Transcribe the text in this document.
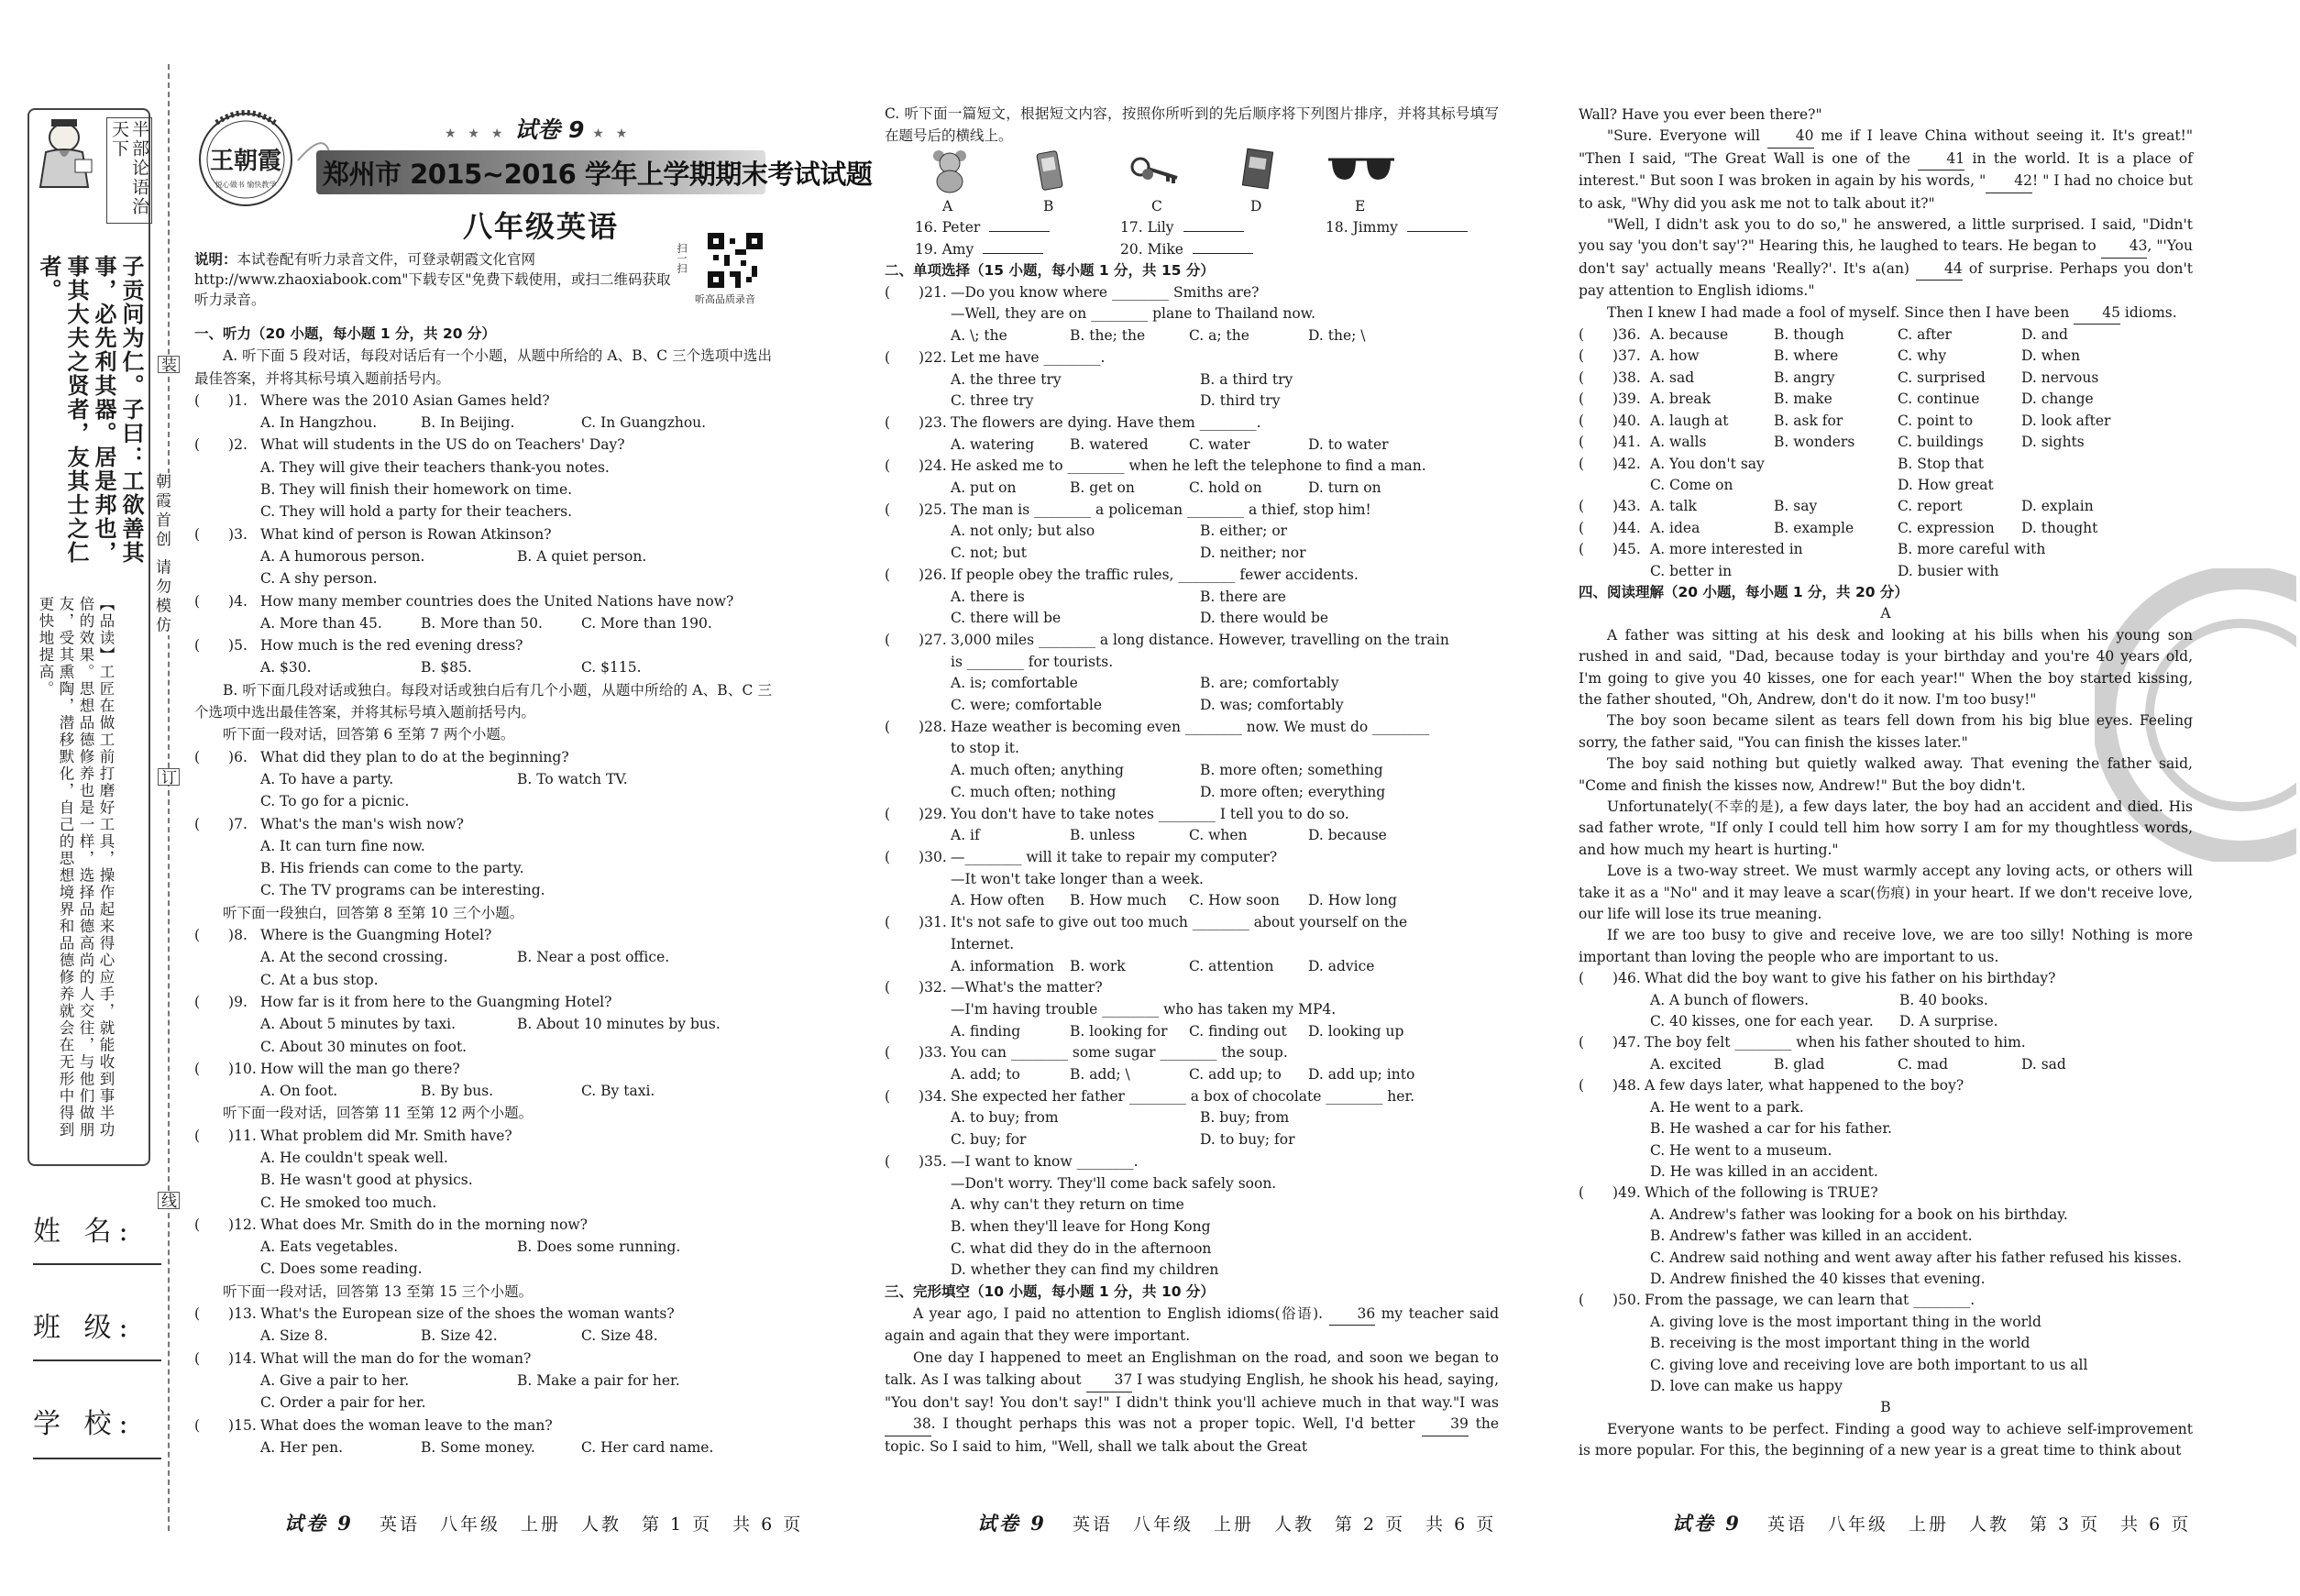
半部论语治天下
子贡问为仁。子曰：工欲善其事，必先利其器。居是邦也，事其大夫之贤者，友其士之仁者。
【品读】工匠在做工前打磨好工具，操作起来得心应手，就能收到事半功倍的效果。思想品德修养也是一样，选择品德高尚的人交往，与他们做朋友，受其熏陶，潜移默化，自己的思想境界和品德修养就会在无形中得到更快地提高。
姓 名:
班 级:
学 校:
装
订
线
朝霞首创 请勿模仿
王朝霞
悦心做书 愉快教学
★ ★ ★ 试卷 9 ★ ★
郑州市 2015~2016 学年上学期期末考试试题
八年级英语
说明：本试卷配有听力录音文件，可登录朝霞文化官网 http://www.zhaoxiabook.com"下载专区"免费下载使用，或扫二维码获取听力录音。
扫一扫
听高品质录音

一、听力（20 小题，每小题 1 分，共 20 分）

A. 听下面 5 段对话，每段对话后有一个小题，从题中所给的 A、B、C 三个选项中选出最佳答案，并将其标号填入题前括号内。

(　　)1. Where was the 2010 Asian Games held?

A. In Hangzhou.	B. In Beijing.	C. In Guangzhou.

(　　)2. What will students in the US do on Teachers' Day?

A. They will give their teachers thank-you notes.

B. They will finish their homework on time.

C. They will hold a party for their teachers.

(　　)3. What kind of person is Rowan Atkinson?

A. A humorous person.	B. A quiet person.

C. A shy person.

(　　)4. How many member countries does the United Nations have now?

A. More than 45.	B. More than 50.	C. More than 190.

(　　)5. How much is the red evening dress?

A. $30.	B. $85.	C. $115.

B. 听下面几段对话或独白。每段对话或独白后有几个小题，从题中所给的 A、B、C 三个选项中选出最佳答案，并将其标号填入题前括号内。

听下面一段对话，回答第 6 至第 7 两个小题。

(　　)6. What did they plan to do at the beginning?

A. To have a party.	B. To watch TV.

C. To go for a picnic.

(　　)7. What's the man's wish now?

A. It can turn fine now.

B. His friends can come to the party.

C. The TV programs can be interesting.

听下面一段独白，回答第 8 至第 10 三个小题。

(　　)8. Where is the Guangming Hotel?

A. At the second crossing.	B. Near a post office.

C. At a bus stop.

(　　)9. How far is it from here to the Guangming Hotel?

A. About 5 minutes by taxi.	B. About 10 minutes by bus.

C. About 30 minutes on foot.

(　　)10. How will the man go there?

A. On foot.	B. By bus.	C. By taxi.

听下面一段对话，回答第 11 至第 12 两个小题。

(　　)11. What problem did Mr. Smith have?

A. He couldn't speak well.

B. He wasn't good at physics.

C. He smoked too much.

(　　)12. What does Mr. Smith do in the morning now?

A. Eats vegetables.	B. Does some running.

C. Does some reading.

听下面一段对话，回答第 13 至第 15 三个小题。

(　　)13. What's the European size of the shoes the woman wants?

A. Size 8.	B. Size 42.	C. Size 48.

(　　)14. What will the man do for the woman?

A. Give a pair to her.	B. Make a pair for her.

C. Order a pair for her.

(　　)15. What does the woman leave to the man?

A. Her pen.	B. Some money.	C. Her card name.

C. 听下面一篇短文，根据短文内容，按照你所听到的先后顺序将下列图片排序，并将其标号填写在题号后的横线上。
A	B	C	D	E
16. Peter	17. Lily	18. Jimmy
19. Amy	20. Mike

二、单项选择（15 小题，每小题 1 分，共 15 分）

(　　)21. —Do you know where ________ Smiths are?

—Well, they are on ________ plane to Thailand now.

A. \; the	B. the; the	C. a; the	D. the; \

(　　)22. Let me have ________.

A. the three try	B. a third try

C. three try	D. third try

(　　)23. The flowers are dying. Have them ________.

A. watering	B. watered	C. water	D. to water

(　　)24. He asked me to ________ when he left the telephone to find a man.

A. put on	B. get on	C. hold on	D. turn on

(　　)25. The man is ________ a policeman ________ a thief, stop him!

A. not only; but also	B. either; or

C. not; but	D. neither; nor

(　　)26. If people obey the traffic rules, ________ fewer accidents.

A. there is	B. there are

C. there will be	D. there would be

(　　)27. 3,000 miles ________ a long distance. However, travelling on the train

is ________ for tourists.

A. is; comfortable	B. are; comfortably

C. were; comfortable	D. was; comfortably

(　　)28. Haze weather is becoming even ________ now. We must do ________

to stop it.

A. much often; anything	B. more often; something

C. much often; nothing	D. more often; everything

(　　)29. You don't have to take notes ________ I tell you to do so.

A. if	B. unless	C. when	D. because

(　　)30. —________ will it take to repair my computer?

—It won't take longer than a week.

A. How often B. How much C. How soon D. How long

(　　)31. It's not safe to give out too much ________ about yourself on the

Internet.

A. information B. work	C. attention D. advice

(　　)32. —What's the matter?

—I'm having trouble ________ who has taken my MP4.

A. finding	B. looking for C. finding out D. looking up

(　　)33. You can ________ some sugar ________ the soup.

A. add; to	B. add; \	C. add up; to D. add up; into

(　　)34. She expected her father ________ a box of chocolate ________ her.

A. to buy; from	B. buy; from

C. buy; for	D. to buy; for

(　　)35. —I want to know ________.

—Don't worry. They'll come back safely soon.

A. why can't they return on time

B. when they'll leave for Hong Kong

C. what did they do in the afternoon

D. whether they can find my children

三、完形填空（10 小题，每小题 1 分，共 10 分）

A year ago, I paid no attention to English idioms(俗语). 36 my teacher said again and again that they were important.

One day I happened to meet an Englishman on the road, and soon we began to talk. As I was talking about 37 I was studying English, he shook his head, saying, "You don't say! You don't say!" I didn't think you'll achieve much in that way."I was 38. I thought perhaps this was not a proper topic. Well, I'd better 39 the topic. So I said to him, "Well, shall we talk about the Great

Wall? Have you ever been there?"

"Sure. Everyone will 40 me if I leave China without seeing it. It's great!" "Then I said, "The Great Wall is one of the 41 in the world. It is a place of interest." But soon I was broken in again by his words, " 42! " I had no choice but to ask, "Why did you ask me not to talk about it?"

"Well, I didn't ask you to do so," he answered, a little surprised. I said, "Didn't you say 'you don't say'?" Hearing this, he laughed to tears. He began to 43, "'You don't say' actually means 'Really?'. It's a(an) 44 of surprise. Perhaps you don't pay attention to English idioms."

Then I knew I had made a fool of myself. Since then I have been 45 idioms.

(　　)36. A. because	B. though	C. after	D. and

(　　)37. A. how	B. where	C. why	D. when

(　　)38. A. sad	B. angry	C. surprised	D. nervous

(　　)39. A. break	B. make	C. continue	D. change

(　　)40. A. laugh at	B. ask for	C. point to	D. look after

(　　)41. A. walls	B. wonders	C. buildings	D. sights

(　　)42. A. You don't say	B. Stop that

C. Come on	D. How great

(　　)43. A. talk	B. say	C. report	D. explain

(　　)44. A. idea	B. example	C. expression D. thought

(　　)45. A. more interested in	B. more careful with

C. better in	D. busier with

四、阅读理解（20 小题，每小题 1 分，共 20 分）

A

A father was sitting at his desk and looking at his bills when his young son rushed in and said, "Dad, because today is your birthday and you're 40 years old, I'm going to give you 40 kisses, one for each year!" When the boy started kissing, the father shouted, "Oh, Andrew, don't do it now. I'm too busy!"

The boy soon became silent as tears fell down from his big blue eyes. Feeling sorry, the father said, "You can finish the kisses later."

The boy said nothing but quietly walked away. That evening the father said, "Come and finish the kisses now, Andrew!" But the boy didn't.

Unfortunately(不幸的是), a few days later, the boy had an accident and died. His sad father wrote, "If only I could tell him how sorry I am for my thoughtless words, and how much my heart is hurting."

Love is a two-way street. We must warmly accept any loving acts, or others will take it as a "No" and it may leave a scar(伤痕) in your heart. If we don't receive love, our life will lose its true meaning.

If we are too busy to give and receive love, we are too silly! Nothing is more important than loving the people who are important to us.

(　　)46. What did the boy want to give his father on his birthday?

A. A bunch of flowers.	B. 40 books.

C. 40 kisses, one for each year. D. A surprise.

(　　)47. The boy felt ________ when his father shouted to him.

A. excited	B. glad	C. mad	D. sad

(　　)48. A few days later, what happened to the boy?

A. He went to a park.

B. He washed a car for his father.

C. He went to a museum.

D. He was killed in an accident.

(　　)49. Which of the following is TRUE?

A. Andrew's father was looking for a book on his birthday.

B. Andrew's father was killed in an accident.

C. Andrew said nothing and went away after his father refused his kisses.

D. Andrew finished the 40 kisses that evening.

(　　)50. From the passage, we can learn that ________.

A. giving love is the most important thing in the world

B. receiving is the most important thing in the world

C. giving love and receiving love are both important to us all

D. love can make us happy

B

Everyone wants to be perfect. Finding a good way to achieve self-improvement is more popular. For this, the beginning of a new year is a great time to think about

试卷 9 英语　八年级　上册　人教　第 1 页　共 6 页	试卷 9 英语　八年级　上册　人教　第 2 页　共 6 页	试卷 9 英语　八年级　上册　人教　第 3 页　共 6 页
